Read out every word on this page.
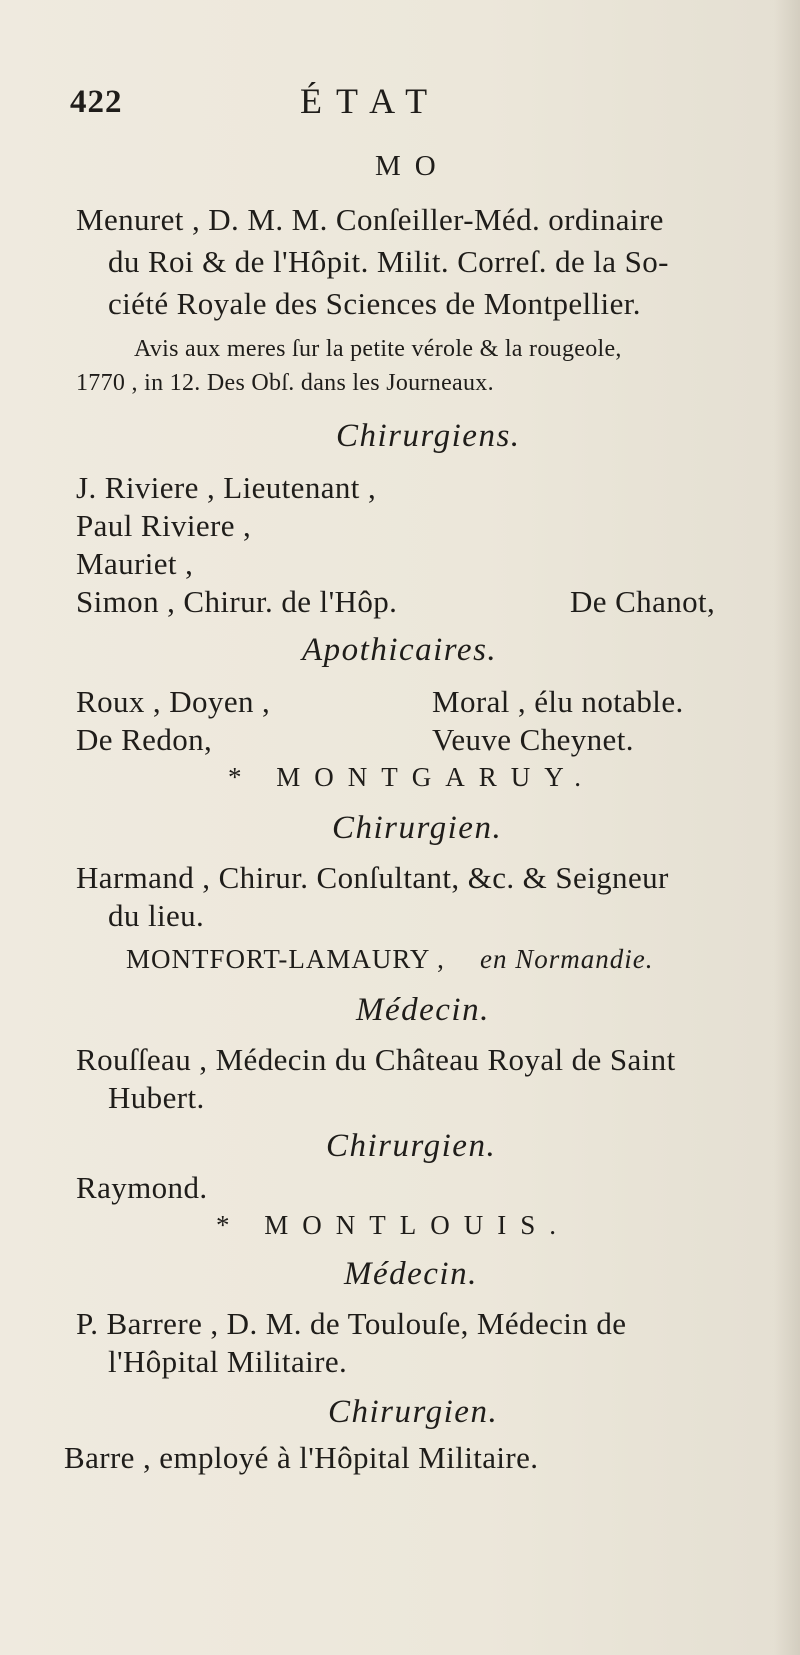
422	ÉTAT
MO
Menuret , D. M. M. Conſeiller-Méd. ordinaire
du Roi & de l'Hôpit. Milit. Correſ. de la So-
ciété Royale des Sciences de Montpellier.
Avis aux meres ſur la petite vérole & la rougeole,
1770 , in 12. Des Obſ. dans les Journeaux.
Chirurgiens.
J. Riviere , Lieutenant ,
Paul Riviere ,
Mauriet ,
Simon , Chirur. de l'Hôp.	De Chanot,
Apothicaires.
Roux , Doyen ,	Moral , élu notable.
De Redon,	Veuve Cheynet.
* MONTGARUY.
Chirurgien.
Harmand , Chirur. Conſultant, &c. & Seigneur
du lieu.
MONTFORT-LAMAURY , en Normandie.
Médecin.
Rouſſeau , Médecin du Château Royal de Saint
Hubert.
Chirurgien.
Raymond.
* MONTLOUIS.
Médecin.
P. Barrere , D. M. de Toulouſe, Médecin de
l'Hôpital Militaire.
Chirurgien.
Barre , employé à l'Hôpital Militaire.
